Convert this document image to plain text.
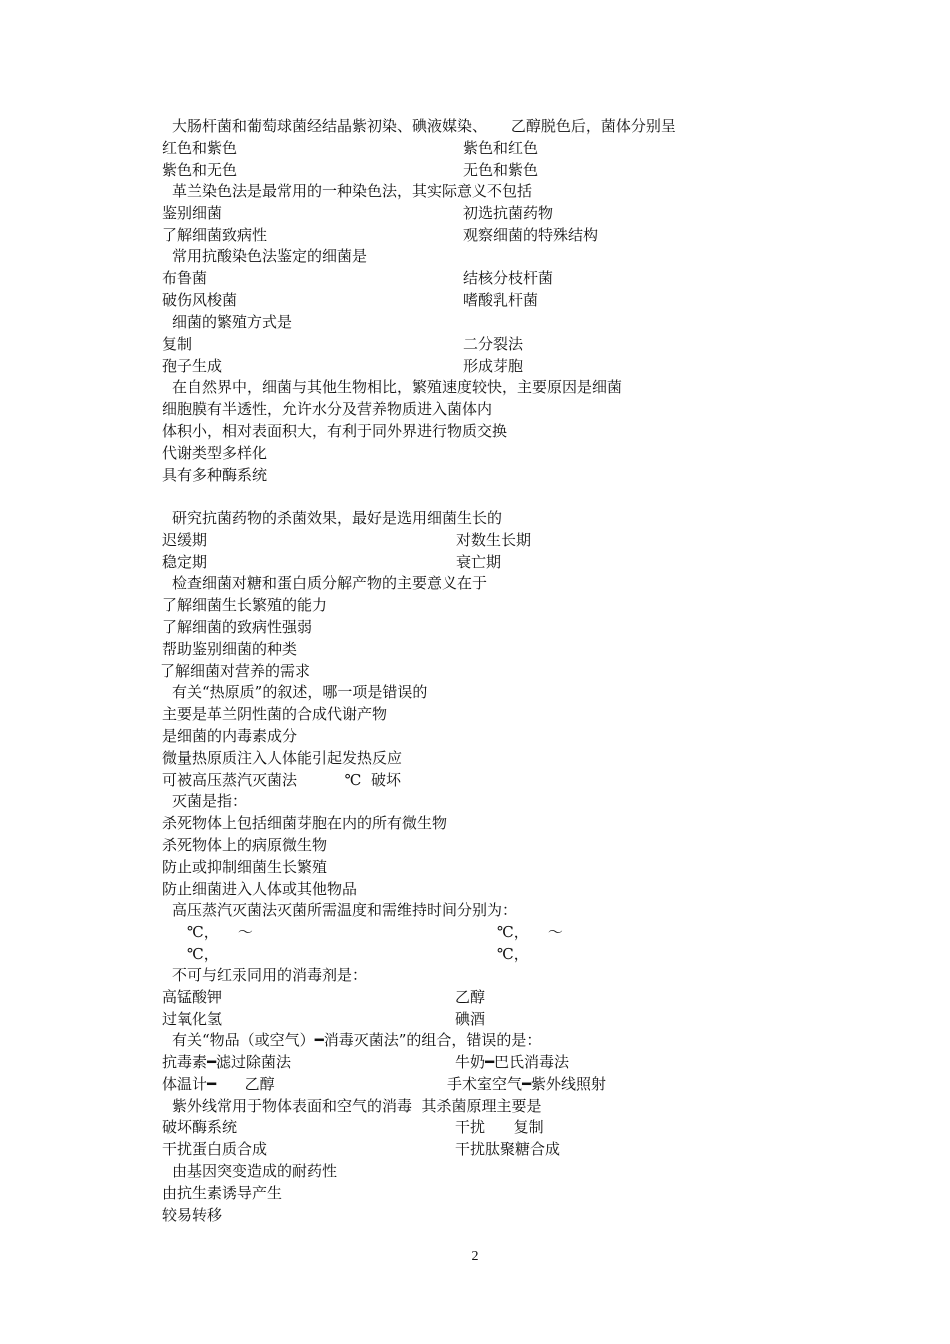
大肠杆菌和葡萄球菌经结晶紫初染、碘液媒染、     乙醇脱色后，菌体分别呈
红色和紫色	紫色和红色
紫色和无色	无色和紫色
革兰染色法是最常用的一种染色法，其实际意义不包括
鉴别细菌	初选抗菌药物
了解细菌致病性	观察细菌的特殊结构
常用抗酸染色法鉴定的细菌是
布鲁菌	结核分枝杆菌
破伤风梭菌	嗜酸乳杆菌
细菌的繁殖方式是
复制	二分裂法
孢子生成	形成芽胞
在自然界中，细菌与其他生物相比，繁殖速度较快，主要原因是细菌
细胞膜有半透性，允许水分及营养物质进入菌体内
体积小，相对表面积大，有利于同外界进行物质交换
代谢类型多样化
具有多种酶系统
研究抗菌药物的杀菌效果，最好是选用细菌生长的
迟缓期	对数生长期
稳定期	衰亡期
检查细菌对糖和蛋白质分解产物的主要意义在于
了解细菌生长繁殖的能力
了解细菌的致病性强弱
帮助鉴别细菌的种类
了解细菌对营养的需求
有关“热原质”的叙述，哪一项是错误的
主要是革兰阴性菌的合成代谢产物
是细菌的内毒素成分
微量热原质注入人体能引起发热反应
可被高压蒸汽灭菌法          ℃  破坏
灭菌是指：
杀死物体上包括细菌芽胞在内的所有微生物
杀死物体上的病原微生物
防止或抑制细菌生长繁殖
防止细菌进入人体或其他物品
高压蒸汽灭菌法灭菌所需温度和需维持时间分别为：
℃，    ～	℃，    ～
℃，	℃，
不可与红汞同用的消毒剂是：
高锰酸钾	乙醇
过氧化氢	碘酒
有关“物品（或空气）━消毒灭菌法”的组合，错误的是：
抗毒素━滤过除菌法	牛奶━巴氏消毒法
体温计━      乙醇	手术室空气━紫外线照射
紫外线常用于物体表面和空气的消毒  其杀菌原理主要是
破坏酶系统	干扰      复制
干扰蛋白质合成	干扰肽聚糖合成
由基因突变造成的耐药性
由抗生素诱导产生
较易转移
2
